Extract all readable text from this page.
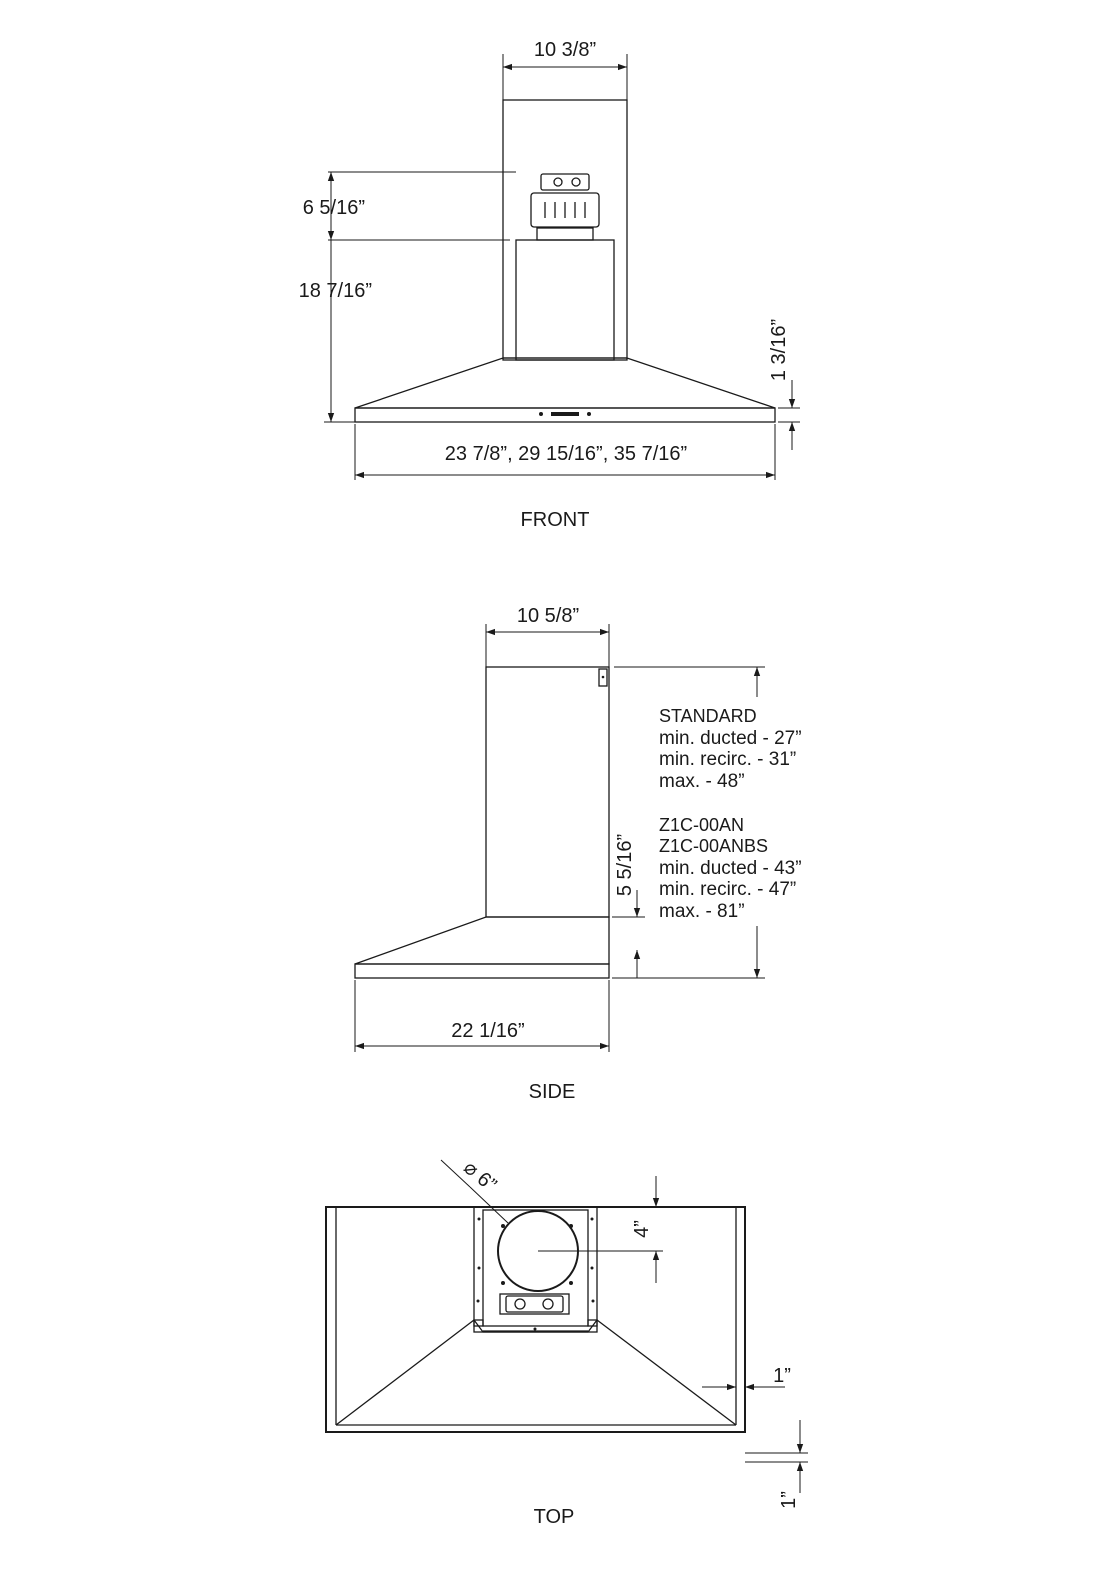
10 3/8”
6 5/16”
18 7/16”
1 3/16”
23 7/8”, 29 15/16”, 35 7/16”
FRONT
10 5/8”
5 5/16”
STANDARD
min. ducted - 27”
min. recirc. - 31”
max. - 48”
Z1C-00AN
Z1C-00ANBS
min. ducted - 43”
min. recirc. - 47”
max. - 81”
22 1/16”
SIDE
⌀ 6”
4”
1”
1”
TOP
